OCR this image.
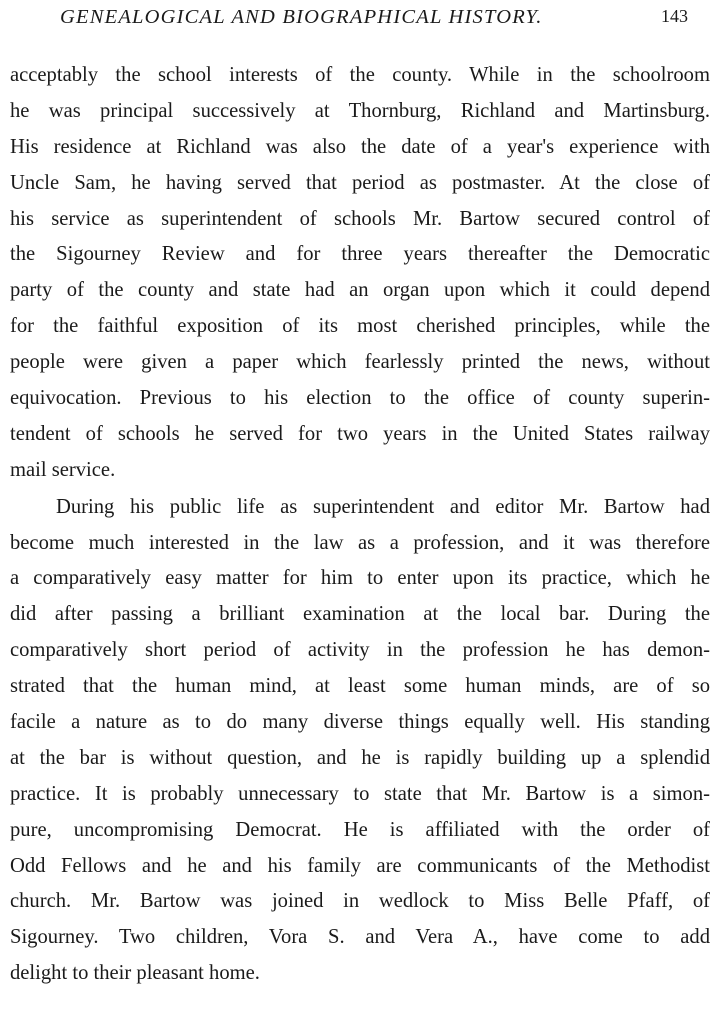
GENEALOGICAL AND BIOGRAPHICAL HISTORY.	143
acceptably the school interests of the county. While in the schoolroom
he was principal successively at Thornburg, Richland and Martinsburg.
His residence at Richland was also the date of a year's experience with
Uncle Sam, he having served that period as postmaster. At the close of
his service as superintendent of schools Mr. Bartow secured control of
the Sigourney Review and for three years thereafter the Democratic
party of the county and state had an organ upon which it could depend
for the faithful exposition of its most cherished principles, while the
people were given a paper which fearlessly printed the news, without
equivocation. Previous to his election to the office of county superin-
tendent of schools he served for two years in the United States railway
mail service.
During his public life as superintendent and editor Mr. Bartow had
become much interested in the law as a profession, and it was therefore
a comparatively easy matter for him to enter upon its practice, which he
did after passing a brilliant examination at the local bar. During the
comparatively short period of activity in the profession he has demon-
strated that the human mind, at least some human minds, are of so
facile a nature as to do many diverse things equally well. His standing
at the bar is without question, and he is rapidly building up a splendid
practice. It is probably unnecessary to state that Mr. Bartow is a simon-
pure, uncompromising Democrat. He is affiliated with the order of
Odd Fellows and he and his family are communicants of the Methodist
church. Mr. Bartow was joined in wedlock to Miss Belle Pfaff, of
Sigourney. Two children, Vora S. and Vera A., have come to add
delight to their pleasant home.
